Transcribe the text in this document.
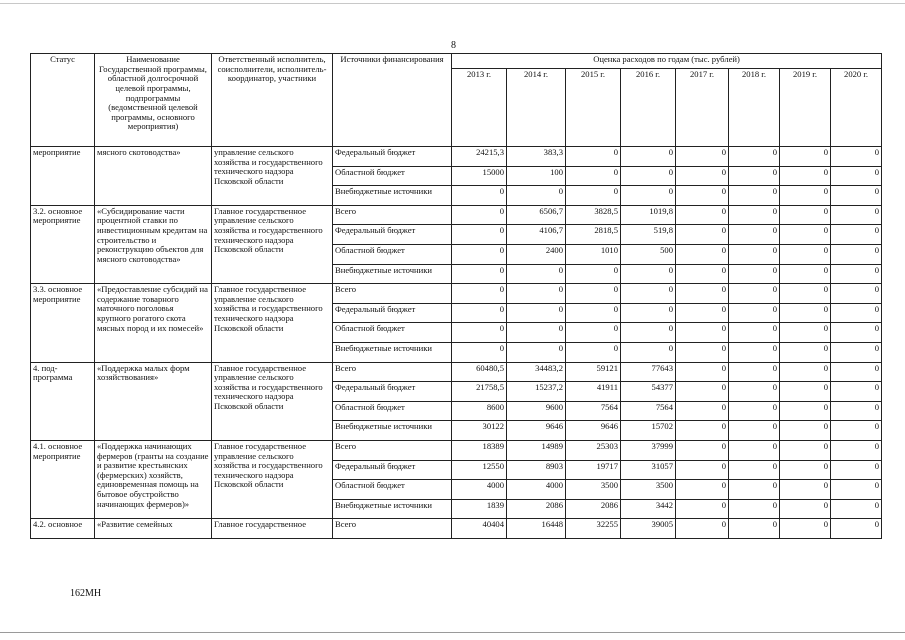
8
Статус	Наименование Государственной программы, областной долгосрочной целевой программы, подпрограммы (ведомственной целевой программы, основного мероприятия)	Ответственный исполнитель, соисполнители, исполнитель-координатор, участники	Источники финансирования	Оценка расходов по годам (тыс. рублей)							
				2013 г.	2014 г.	2015 г.	2016 г.	2017 г.	2018 г.	2019 г.	2020 г.
мероприятие	мясного скотоводства»	управление сельского хозяйства и государственного технического надзора Псковской области	Федеральный бюджет	24215,3	383,3	0	0	0	0	0	0
			Областной бюджет	15000	100	0	0	0	0	0	0
			Внебюджетные источники	0	0	0	0	0	0	0	0
3.2. основное мероприятие	«Субсидирование части процентной ставки по инвестиционным кредитам на строительство и реконструкцию объектов для мясного скотоводства»	Главное государственное управление сельского хозяйства и государственного технического надзора Псковской области	Всего	0	6506,7	3828,5	1019,8	0	0	0	0
			Федеральный бюджет	0	4106,7	2818,5	519,8	0	0	0	0
			Областной бюджет	0	2400	1010	500	0	0	0	0
			Внебюджетные источники	0	0	0	0	0	0	0	0
3.3. основное мероприятие	«Предоставление субсидий на содержание товарного маточного поголовья крупного рогатого скота мясных пород и их помесей»	Главное государственное управление сельского хозяйства и государственного технического надзора Псковской области	Всего	0	0	0	0	0	0	0	0
			Федеральный бюджет	0	0	0	0	0	0	0	0
			Областной бюджет	0	0	0	0	0	0	0	0
			Внебюджетные источники	0	0	0	0	0	0	0	0
4. под-программа	«Поддержка малых форм хозяйствования»	Главное государственное управление сельского хозяйства и государственного технического надзора Псковской области	Всего	60480,5	34483,2	59121	77643	0	0	0	0
			Федеральный бюджет	21758,5	15237,2	41911	54377	0	0	0	0
			Областной бюджет	8600	9600	7564	7564	0	0	0	0
			Внебюджетные источники	30122	9646	9646	15702	0	0	0	0
4.1. основное мероприятие	«Поддержка начинающих фермеров (гранты на создание и развитие крестьянских (фермерских) хозяйств, единовременная помощь на бытовое обустройство начинающих фермеров)»	Главное государственное управление сельского хозяйства и государственного технического надзора Псковской области	Всего	18389	14989	25303	37999	0	0	0	0
			Федеральный бюджет	12550	8903	19717	31057	0	0	0	0
			Областной бюджет	4000	4000	3500	3500	0	0	0	0
			Внебюджетные источники	1839	2086	2086	3442	0	0	0	0
4.2. основное	«Развитие семейных	Главное государственное	Всего	40404	16448	32255	39005	0	0	0	0
162МН
